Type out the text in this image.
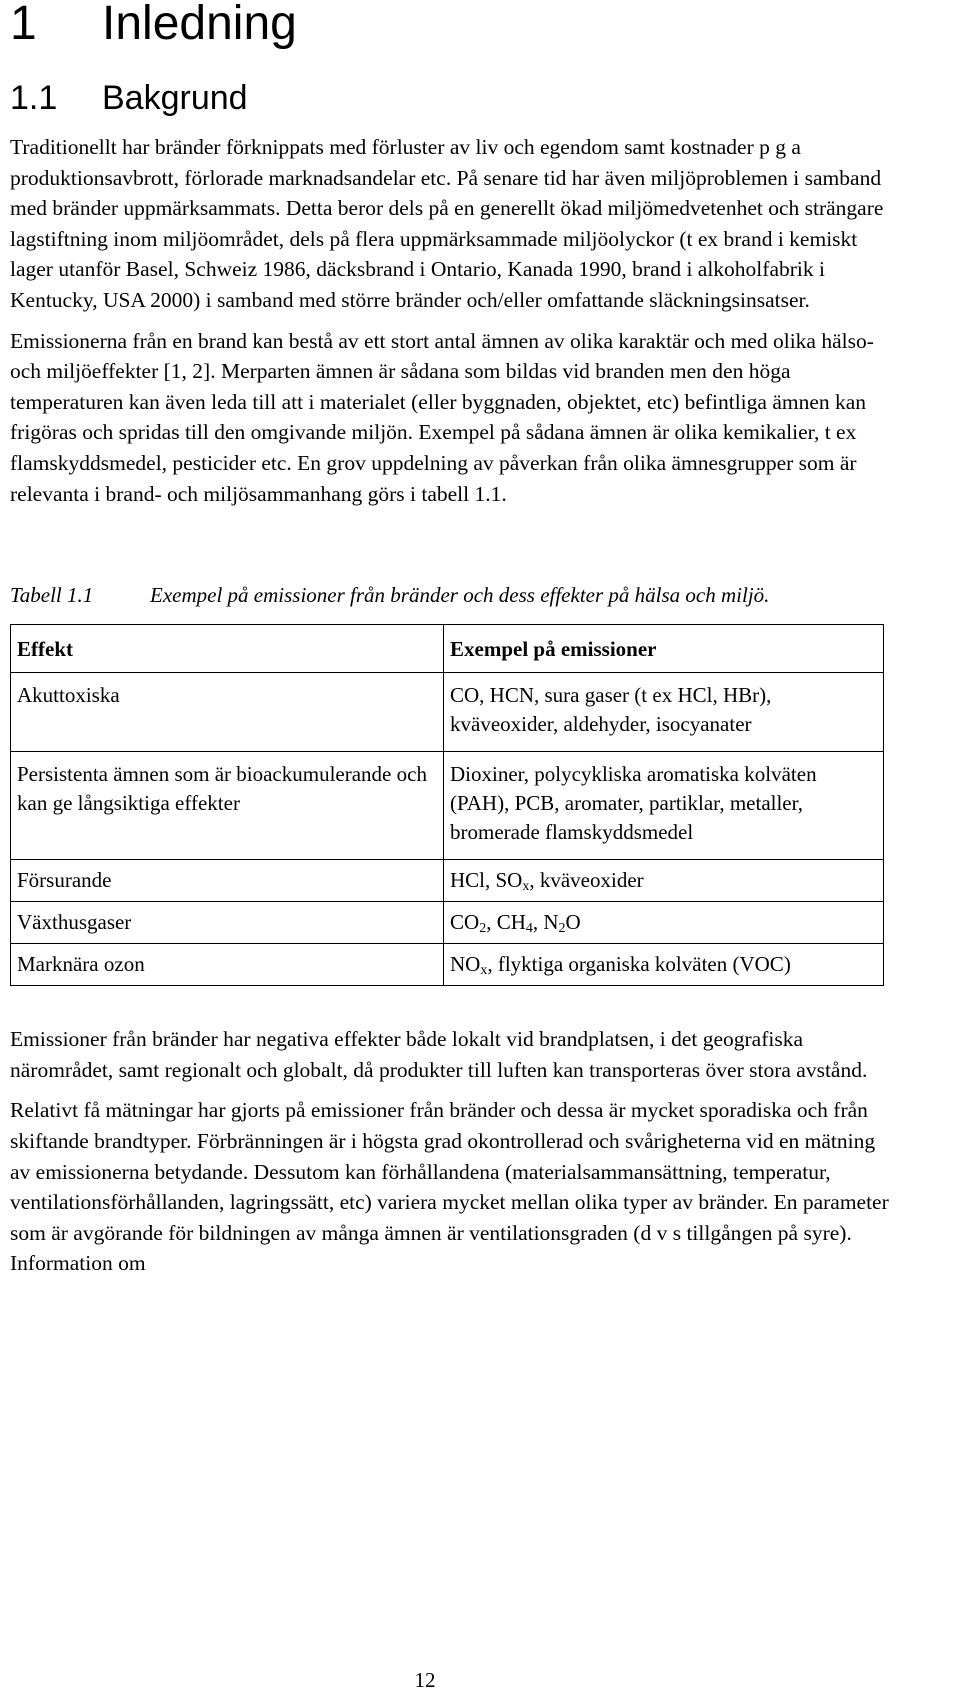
1 Inledning
1.1 Bakgrund

Traditionellt har bränder förknippats med förluster av liv och egendom samt kostnader p g a produktionsavbrott, förlorade marknadsandelar etc. På senare tid har även miljöproblemen i samband med bränder uppmärksammats. Detta beror dels på en generellt ökad miljömedvetenhet och strängare lagstiftning inom miljöområdet, dels på flera uppmärksammade miljöolyckor (t ex brand i kemiskt lager utanför Basel, Schweiz 1986, däcksbrand i Ontario, Kanada 1990, brand i alkoholfabrik i Kentucky, USA 2000) i samband med större bränder och/eller omfattande släckningsinsatser.

Emissionerna från en brand kan bestå av ett stort antal ämnen av olika karaktär och med olika hälso- och miljöeffekter [1, 2]. Merparten ämnen är sådana som bildas vid branden men den höga temperaturen kan även leda till att i materialet (eller byggnaden, objektet, etc) befintliga ämnen kan frigöras och spridas till den omgivande miljön. Exempel på sådana ämnen är olika kemikalier, t ex flamskyddsmedel, pesticider etc. En grov uppdelning av påverkan från olika ämnesgrupper som är relevanta i brand- och miljösammanhang görs i tabell 1.1.

Tabell 1.1	Exempel på emissioner från bränder och dess effekter på hälsa och miljö.
Effekt	Exempel på emissioner
Akuttoxiska	CO, HCN, sura gaser (t ex HCl, HBr), kväveoxider, aldehyder, isocyanater
Persistenta ämnen som är bioackumulerande och kan ge långsiktiga effekter	Dioxiner, polycykliska aromatiska kolväten (PAH), PCB, aromater, partiklar, metaller, bromerade flamskyddsmedel
Försurande	HCl, $SO_x$, kväveoxider
Växthusgaser	$CO_2$, $CH_4$, $N_2O$
Marknära ozon	$NO_x$, flyktiga organiska kolväten (VOC)

Emissioner från bränder har negativa effekter både lokalt vid brandplatsen, i det geografiska närområdet, samt regionalt och globalt, då produkter till luften kan transporteras över stora avstånd.

Relativt få mätningar har gjorts på emissioner från bränder och dessa är mycket sporadiska och från skiftande brandtyper. Förbränningen är i högsta grad okontrollerad och svårigheterna vid en mätning av emissionerna betydande. Dessutom kan förhållandena (materialsammansättning, temperatur, ventilationsförhållanden, lagringssätt, etc) variera mycket mellan olika typer av bränder. En parameter som är avgörande för bildningen av många ämnen är ventilationsgraden (d v s tillgången på syre). Information om

12
